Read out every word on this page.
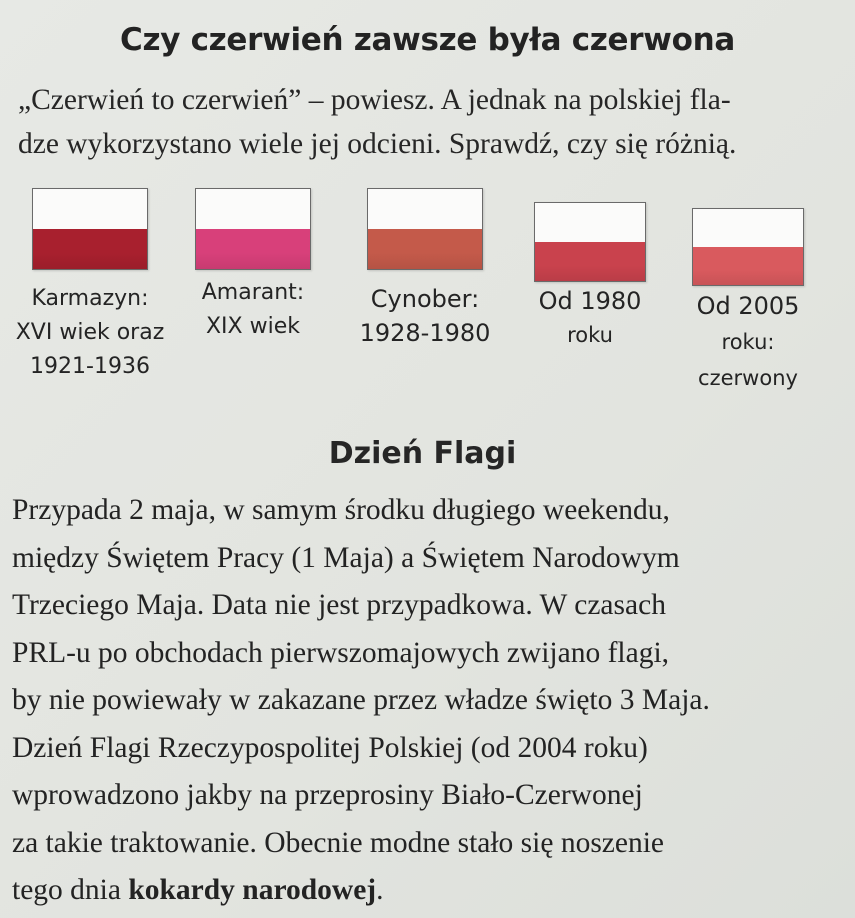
Czy czerwień zawsze była czerwona

„Czerwień to czerwień” – powiesz. A jednak na polskiej fla-
dze wykorzystano wiele jej odcieni. Sprawdź, czy się różnią.

Karmazyn:
XVI wiek oraz
1921-1936
Amarant:
XIX wiek
Cynober:
1928-1980
Od 1980
roku
Od 2005
roku:
czerwony
Dzień Flagi

Przypada 2 maja, w samym środku długiego weekendu,
między Świętem Pracy (1 Maja) a Świętem Narodowym
Trzeciego Maja. Data nie jest przypadkowa. W czasach
PRL-u po obchodach pierwszomajowych zwijano flagi,
by nie powiewały w zakazane przez władze święto 3 Maja.
Dzień Flagi Rzeczypospolitej Polskiej (od 2004 roku)
wprowadzono jakby na przeprosiny Biało-Czerwonej
za takie traktowanie. Obecnie modne stało się noszenie
tego dnia kokardy narodowej.
